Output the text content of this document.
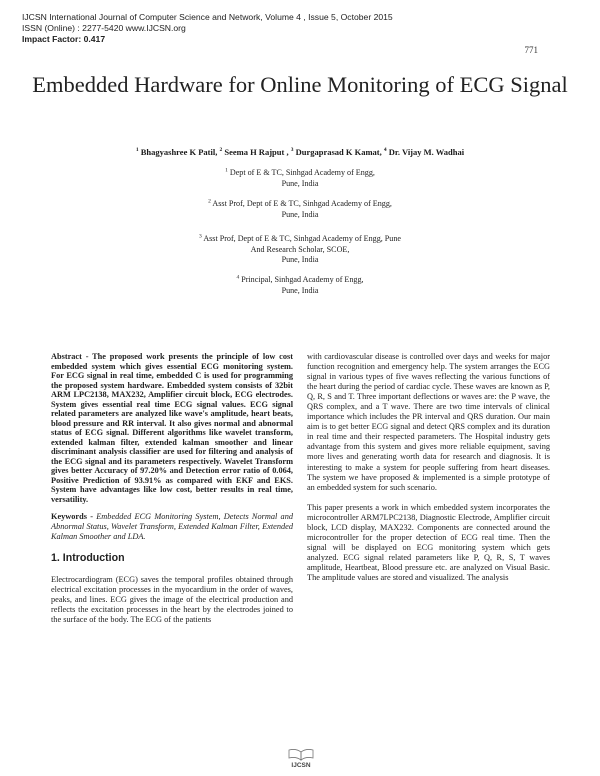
IJCSN International Journal of Computer Science and Network, Volume 4 , Issue 5, October 2015
ISSN (Online) : 2277-5420 www.IJCSN.org
Impact Factor: 0.417
771
Embedded Hardware for Online Monitoring of ECG Signal
$^1$ Bhagyashree K Patil, $^2$ Seema H Rajput , $^3$ Durgaprasad K Kamat, $^4$ Dr. Vijay M. Wadhai
$^1$ Dept of E & TC, Sinhgad Academy of Engg,
Pune, India
$^2$ Asst Prof, Dept of E & TC, Sinhgad Academy of Engg,
Pune, India
$^3$ Asst Prof, Dept of E & TC, Sinhgad Academy of Engg, Pune
And Research Scholar, SCOE,
Pune, India
$^4$ Principal, Sinhgad Academy of Engg,
Pune, India

Abstract - The proposed work presents the principle of low cost embedded system which gives essential ECG monitoring system. For ECG signal in real time, embedded C is used for programming the proposed system hardware. Embedded system consists of 32bit ARM LPC2138, MAX232, Amplifier circuit block, ECG electrodes. System gives essential real time ECG signal values. ECG signal related parameters are analyzed like wave's amplitude, heart beats, blood pressure and RR interval. It also gives normal and abnormal status of ECG signal. Different algorithms like wavelet transform, extended kalman filter, extended kalman smoother and linear discriminant analysis classifier are used for filtering and analysis of the ECG signal and its parameters respectively. Wavelet Transform gives better Accuracy of 97.20% and Detection error ratio of 0.064, Positive Prediction of 93.91% as compared with EKF and EKS. System have advantages like low cost, better results in real time, versatility.

Keywords - Embedded ECG Monitoring System, Detects Normal and Abnormal Status, Wavelet Transform, Extended Kalman Filter, Extended Kalman Smoother and LDA.

1. Introduction

Electrocardiogram (ECG) saves the temporal profiles obtained through electrical excitation processes in the myocardium in the order of waves, peaks, and lines. ECG gives the image of the electrical production and reflects the excitation processes in the heart by the electrodes joined to the surface of the body. The ECG of the patients

with cardiovascular disease is controlled over days and weeks for major function recognition and emergency help. The system arranges the ECG signal in various types of five waves reflecting the various functions of the heart during the period of cardiac cycle. These waves are known as P, Q, R, S and T. Three important deflections or waves are: the P wave, the QRS complex, and a T wave. There are two time intervals of clinical importance which includes the PR interval and QRS duration. Our main aim is to get better ECG signal and detect QRS complex and its duration in real time and their respected parameters. The Hospital industry gets advantage from this system and gives more reliable equipment, saving more lives and generating worth data for research and diagnosis. It is interesting to make a system for people suffering from heart diseases. The system we have proposed & implemented is a simple prototype of an embedded system for such scenario.

This paper presents a work in which embedded system incorporates the microcontroller ARM7LPC2138, Diagnostic Electrode, Amplifier circuit block, LCD display, MAX232. Components are connected around the microcontroller for the proper detection of ECG real time. Then the signal will be displayed on ECG monitoring system which gets analyzed. ECG signal related parameters like P, Q, R, S, T waves amplitude, Heartbeat, Blood pressure etc. are analyzed on Visual Basic. The amplitude values are stored and visualized. The analysis

IJCSN
